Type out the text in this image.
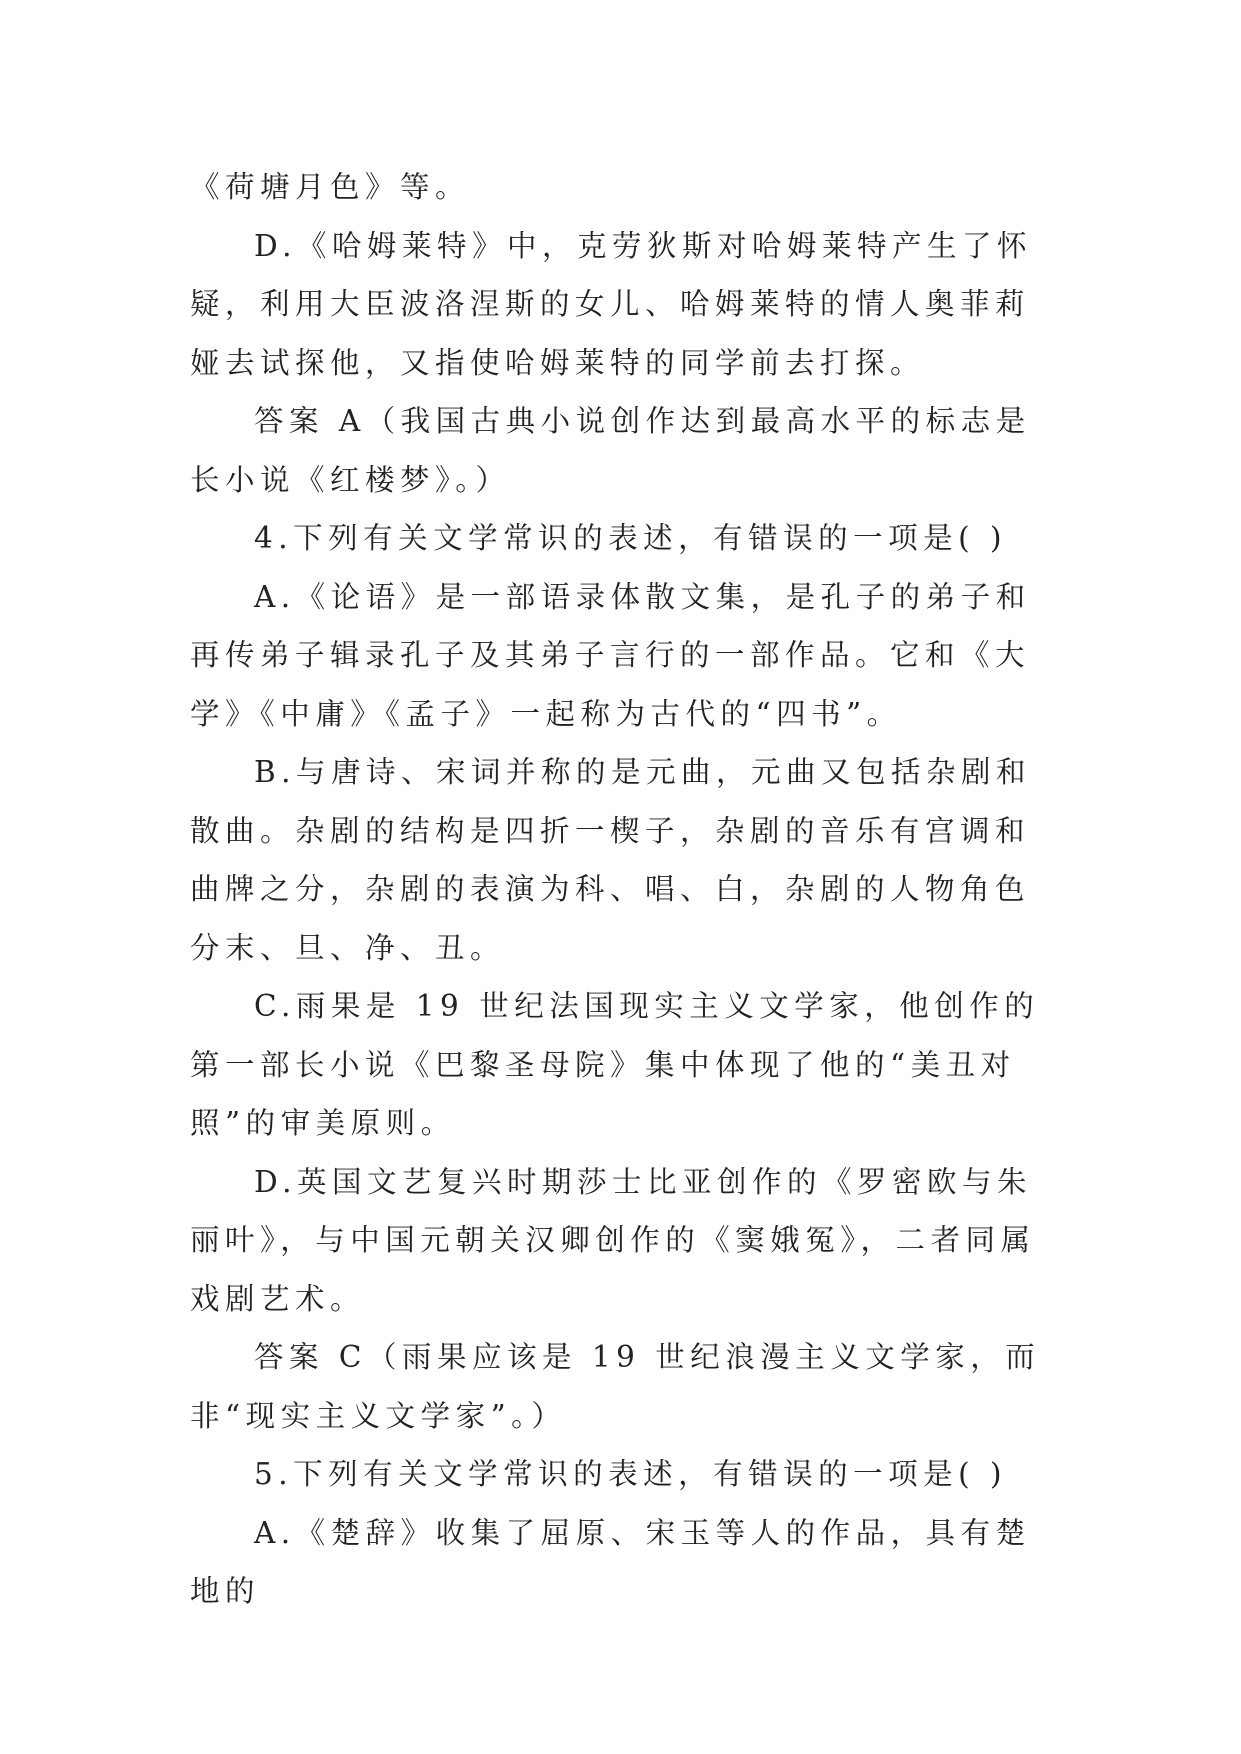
《荷塘月色》等。

D.《哈姆莱特》中，克劳狄斯对哈姆莱特产生了怀疑，利用大臣波洛涅斯的女儿、哈姆莱特的情人奥菲莉娅去试探他，又指使哈姆莱特的同学前去打探。

答案 A（我国古典小说创作达到最高水平的标志是长小说《红楼梦》。）

4.下列有关文学常识的表述，有错误的一项是( )

A.《论语》是一部语录体散文集，是孔子的弟子和再传弟子辑录孔子及其弟子言行的一部作品。它和《大学》《中庸》《孟子》一起称为古代的“四书”。

B.与唐诗、宋词并称的是元曲，元曲又包括杂剧和散曲。杂剧的结构是四折一楔子，杂剧的音乐有宫调和曲牌之分，杂剧的表演为科、唱、白，杂剧的人物角色分末、旦、净、丑。

C.雨果是 19 世纪法国现实主义文学家，他创作的第一部长小说《巴黎圣母院》集中体现了他的“美丑对照”的审美原则。

D.英国文艺复兴时期莎士比亚创作的《罗密欧与朱丽叶》，与中国元朝关汉卿创作的《窦娥冤》，二者同属戏剧艺术。

答案 C（雨果应该是 19 世纪浪漫主义文学家，而非“现实主义文学家”。）

5.下列有关文学常识的表述，有错误的一项是( )

A.《楚辞》收集了屈原、宋玉等人的作品，具有楚地的
